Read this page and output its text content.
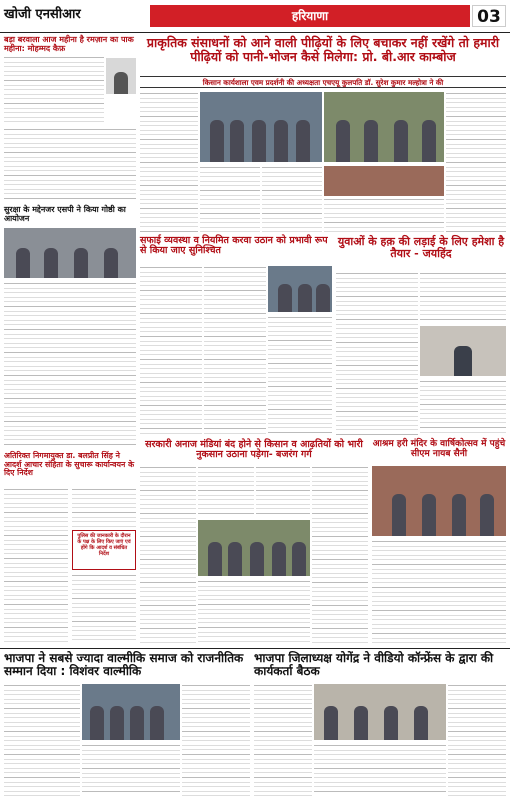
खोजी एनसीआर	हरियाणा	03
बड़ा बरवाला आज महीना है रमज़ान का पाक महीना: मोहम्मद कैफ़	प्राकृतिक संसाधनों को आने वाली पीढ़ियों के लिए बचाकर नहीं रखेंगे तो हमारी पीढ़ियों को पानी-भोजन कैसे मिलेगा: प्रो. बी.आर काम्बोज
किसान कार्यशाला एवम प्रदर्शनी की अध्यक्षता एचएयू कुलपति डॉ. सुरेश कुमार मल्होत्रा ने की
सुरक्षा के मद्देनजर एसपी ने किया गोष्ठी का आयोजन
सफाई व्यवस्था व नियमित करवा उठान को प्रभावी रूप से किया जाए सुनिश्चित
युवाओं के हक़ की लड़ाई के लिए हमेशा है तैयार - जयहिंद
अतिरिक्त निगमायुक्त डा. बलप्रीत सिंह ने आदर्श आचार संहिता के सुचारू कार्यान्वयन के दिए निर्देश
पुलिस की जानकारी के दौरान के पक्ष के लिए किए जाएं एवं होंगे कि आदर्श व संबंधित निर्देश
सरकारी अनाज मंडियां बंद होने से किसान व आढ़तियों को भारी नुकसान उठाना पड़ेगा- बजरंग गर्ग
आश्रम हरी मंदिर के वार्षिकोत्सव में पहुंचे सीएम नायब सैनी
भाजपा ने सबसे ज्यादा वाल्मीकि समाज को राजनीतिक सम्मान दिया : विशंवर वाल्मीकि
भाजपा जिलाध्यक्ष योगेंद्र ने वीडियो कॉन्फ्रेंस के द्वारा की कार्यकर्ता बैठक
